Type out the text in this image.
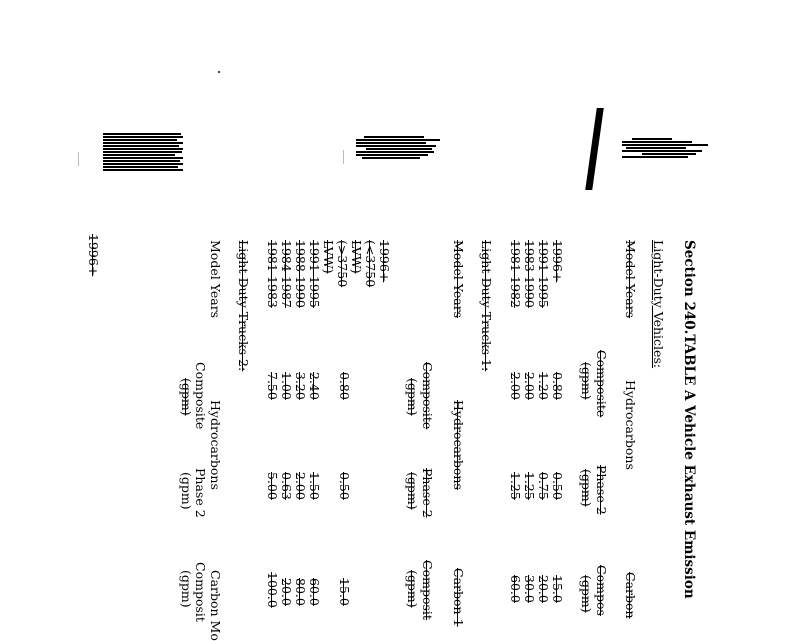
Section 240.TABLE A Vehicle Exhaust Emission
Light-Duty Vehicles:
Model Years
Hydrocarbons
Carbon
Composite
(gpm)
Phase 2
(gpm)
Compos
(gpm)
1996+
0.80
0.50
15.0
1991-1995
1.20
0.75
20.0
1983-1990
2.00
1.25
30.0
1981-1982
2.00
1.25
60.0
Light-Duty Trucks 1:
Model Years
Hydrocarbons
Carbon-1
Composite
(gpm)
Phase 2
(gpm)
Composit
(gpm)
1996+
0.80
0.50
15.0
(<3750
LVW)
(>3750
1.00
0.63
20.0
LVW)
1991-1995
2.40
1.50
60.0
1988-1990
3.20
2.00
80.0
1984-1987
1981-1983
7.50
5.00
100.0
Light-Duty Trucks 2:
Model Years
Hydrocarbons
Carbon Mo
Composite
(gpm)
Phase 2
(gpm)
Composit
(gpm)
1996+
